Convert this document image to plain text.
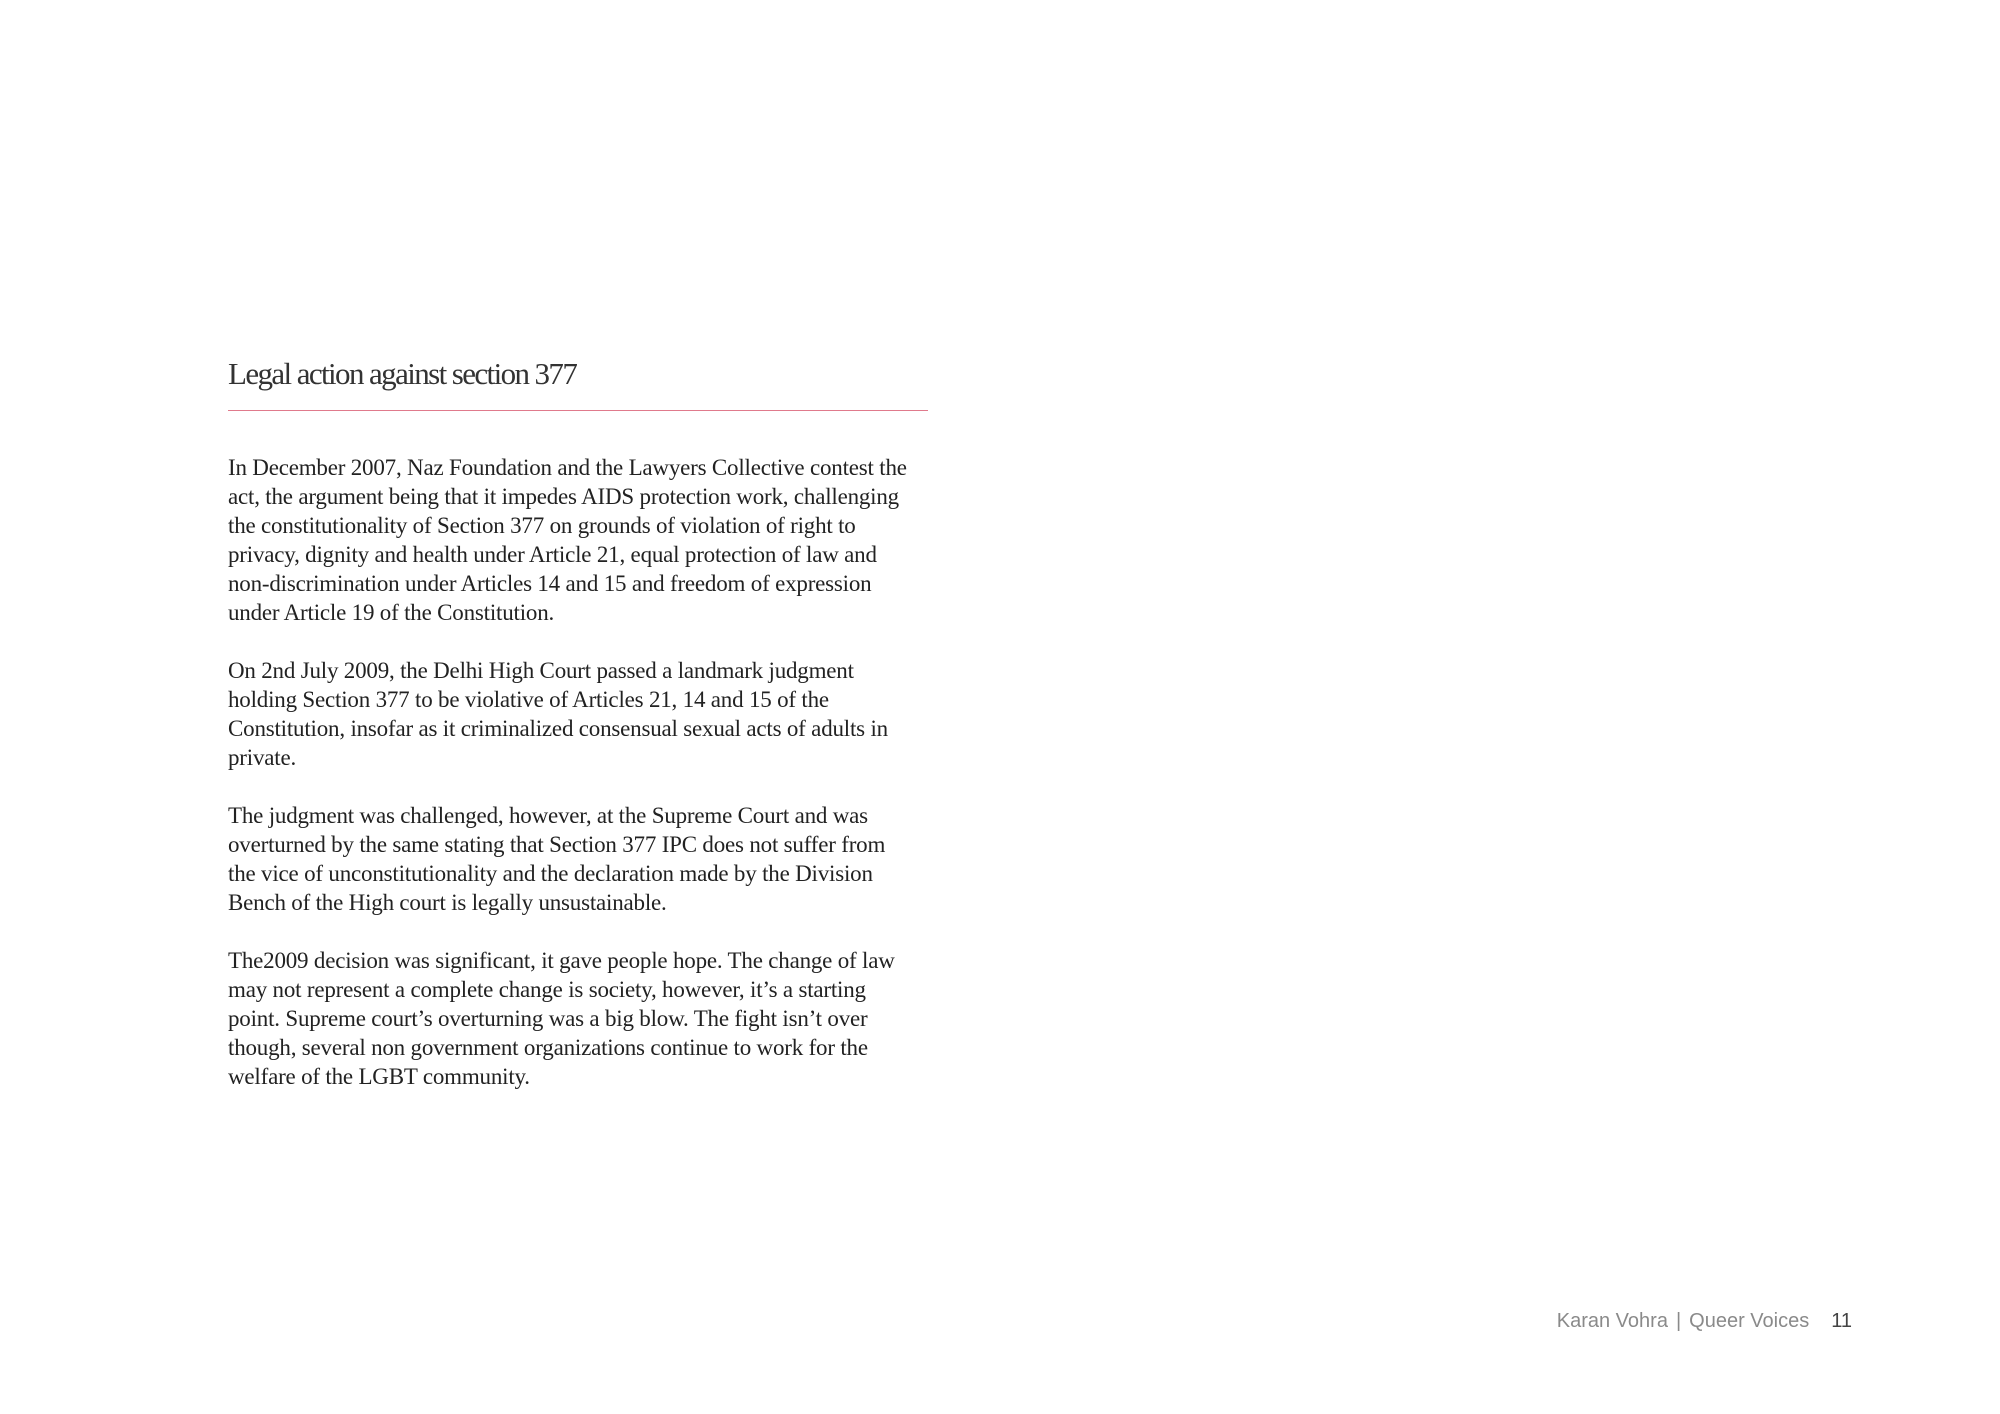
Legal action against section 377

In December 2007, Naz Foundation and the Lawyers Collective contest the act, the argument being that it impedes AIDS protection work, challenging the constitutionality of Section 377 on grounds of violation of right to privacy, dignity and health under Article 21, equal protection of law and non-discrimination under Articles 14 and 15 and freedom of expression under Article 19 of the Constitution.

On 2nd July 2009, the Delhi High Court passed a landmark judgment holding Section 377 to be violative of Articles 21, 14 and 15 of the Constitution, insofar as it criminalized consensual sexual acts of adults in private.

The judgment was challenged, however, at the Supreme Court and was overturned by the same stating that Section 377 IPC does not suffer from the vice of unconstitutionality and the declaration made by the Division Bench of the High court is legally unsustainable.

The2009 decision was significant, it gave people hope. The change of law may not represent a complete change is society, however, it’s a starting point. Supreme court’s overturning was a big blow. The fight isn’t over though, several non government organizations continue to work for the welfare of the LGBT community.

Karan Vohra | Queer Voices 11
